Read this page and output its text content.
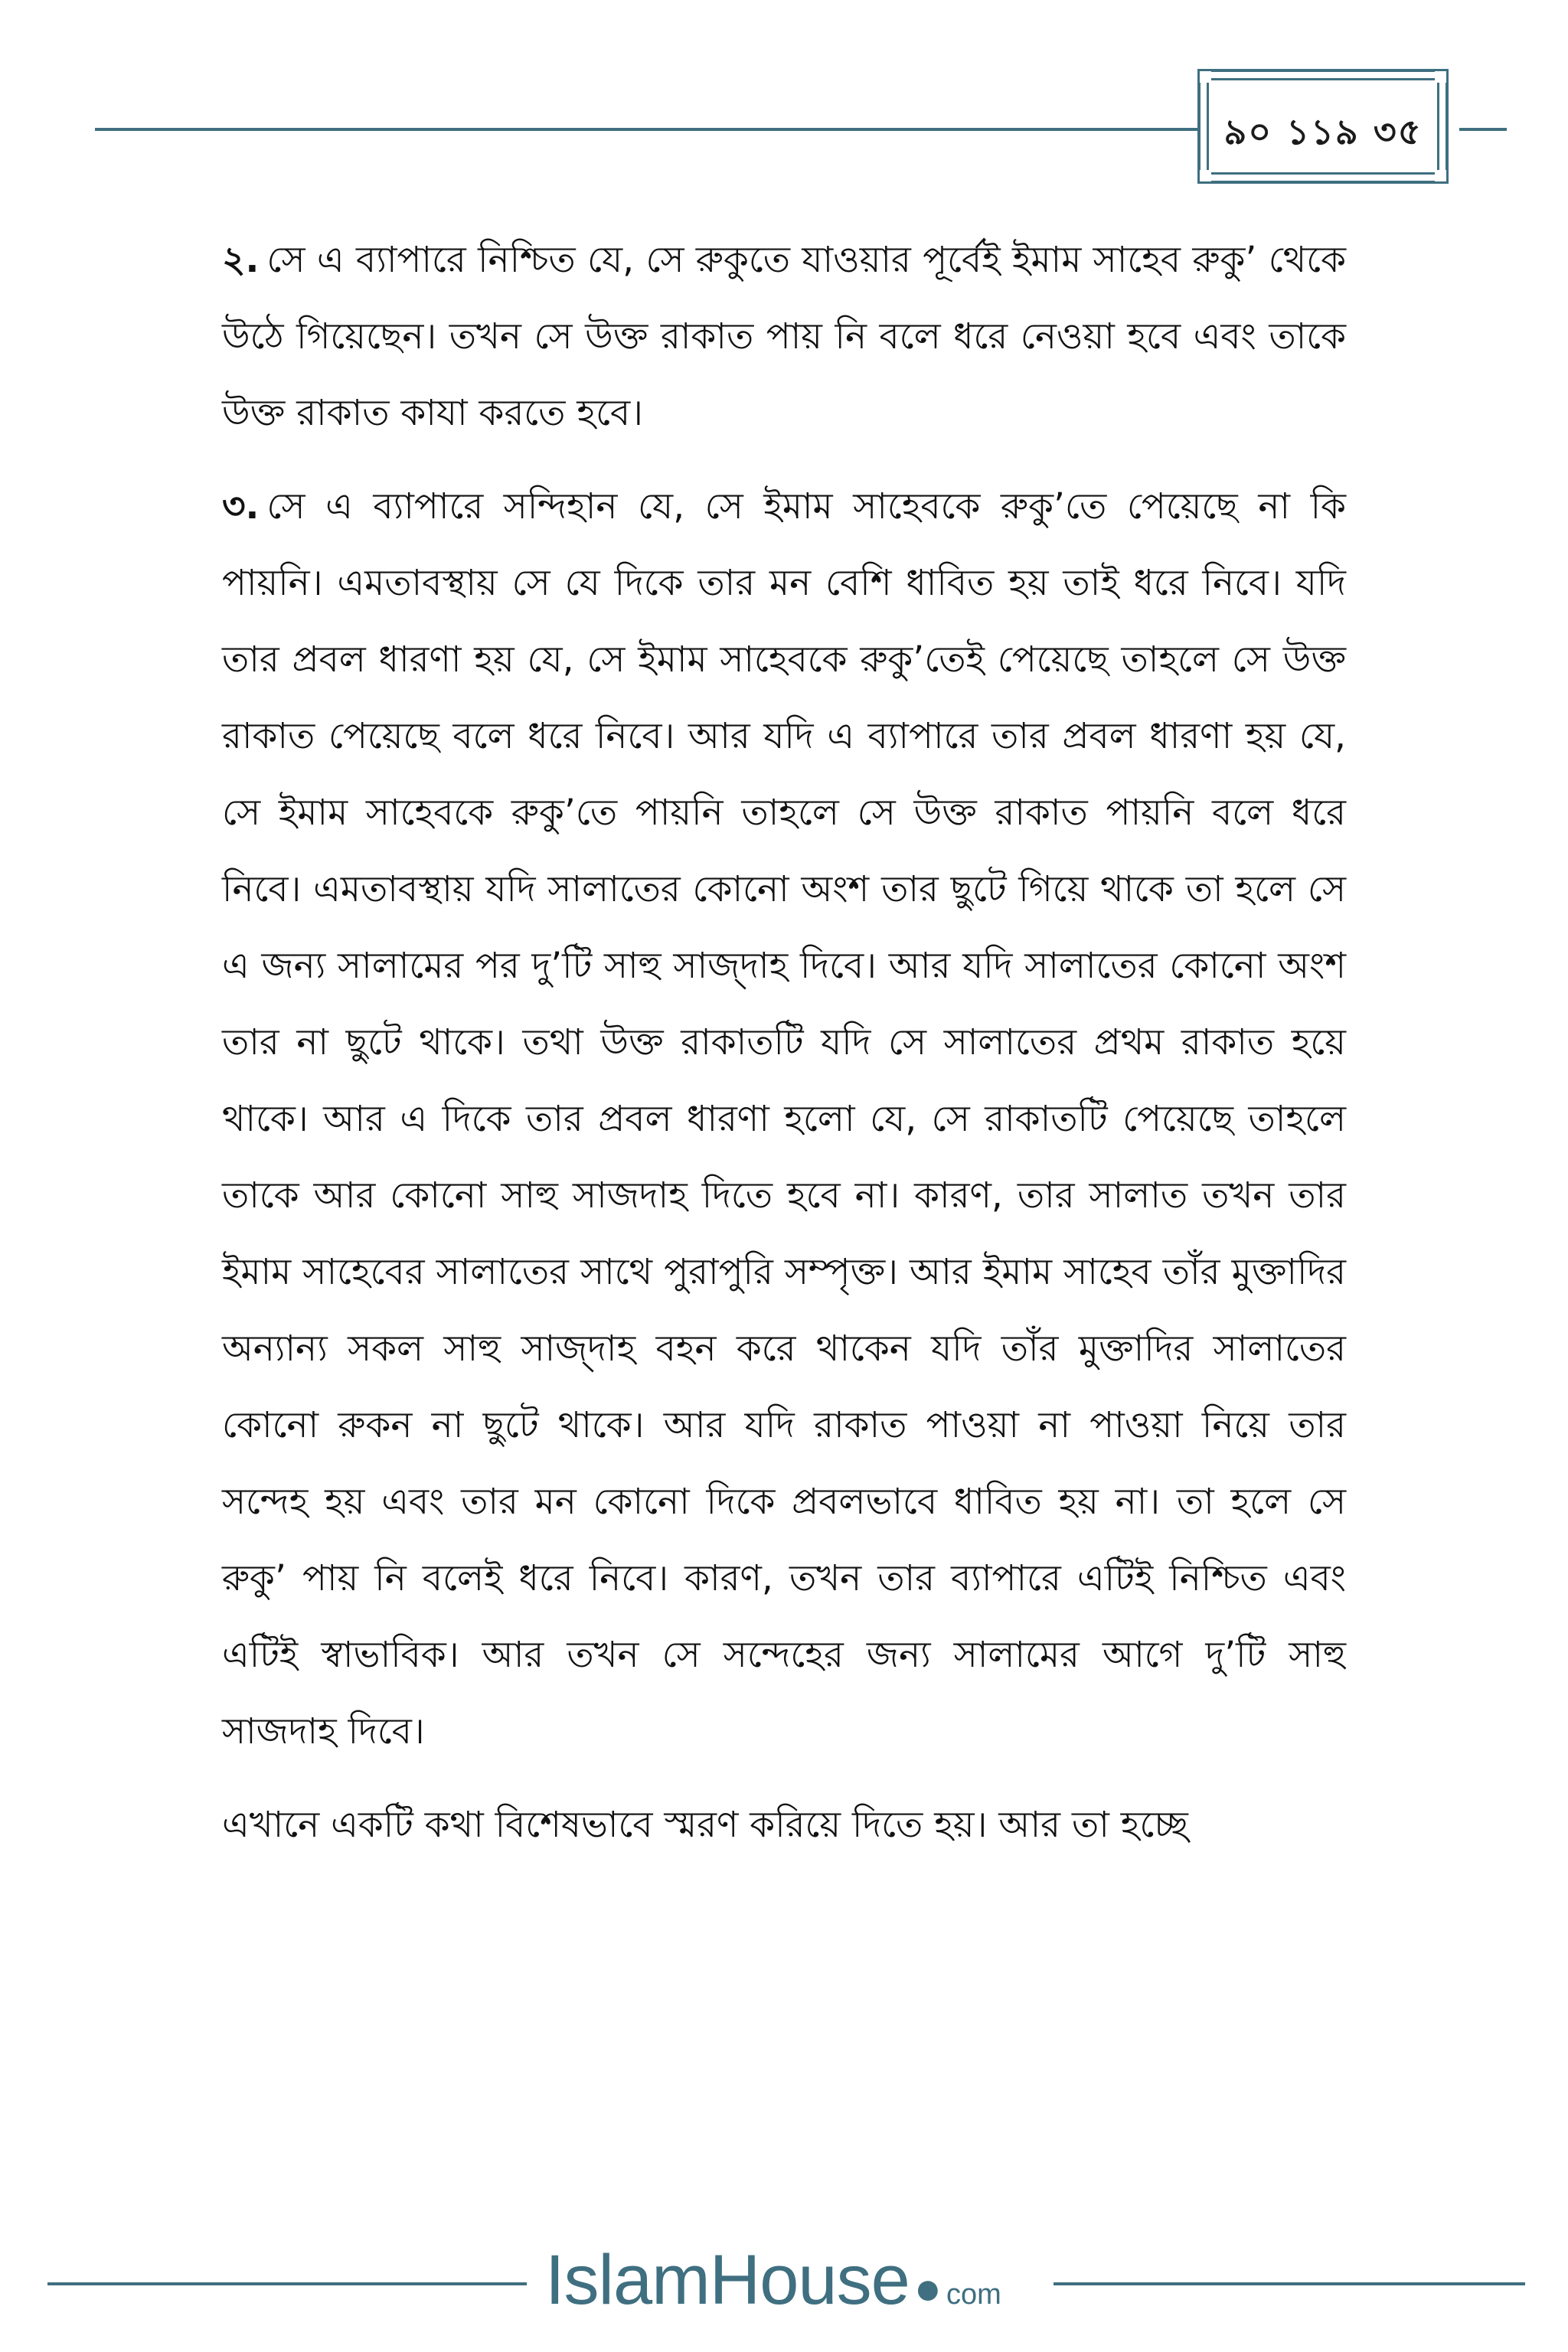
৯০ ১১৯ ৩৫

২. সে এ ব্যাপারে নিশ্চিত যে, সে রুকুতে যাওয়ার পূর্বেই ইমাম সাহেব রুকু’ থেকে উঠে গিয়েছেন। তখন সে উক্ত রাকাত পায় নি বলে ধরে নেওয়া হবে এবং তাকে উক্ত রাকাত কাযা করতে হবে।

৩. সে এ ব্যাপারে সন্দিহান যে, সে ইমাম সাহেবকে রুকু’তে পেয়েছে না কি পায়নি। এমতাবস্থায় সে যে দিকে তার মন বেশি ধাবিত হয় তাই ধরে নিবে। যদি তার প্রবল ধারণা হয় যে, সে ইমাম সাহেবকে রুকু’তেই পেয়েছে তাহলে সে উক্ত রাকাত পেয়েছে বলে ধরে নিবে। আর যদি এ ব্যাপারে তার প্রবল ধারণা হয় যে, সে ইমাম সাহেবকে রুকু’তে পায়নি তাহলে সে উক্ত রাকাত পায়নি বলে ধরে নিবে। এমতাবস্থায় যদি সালাতের কোনো অংশ তার ছুটে গিয়ে থাকে তা হলে সে এ জন্য সালামের পর দু’টি সাহু সাজ্দাহ দিবে। আর যদি সালাতের কোনো অংশ তার না ছুটে থাকে। তথা উক্ত রাকাতটি যদি সে সালাতের প্রথম রাকাত হয়ে থাকে। আর এ দিকে তার প্রবল ধারণা হলো যে, সে রাকাতটি পেয়েছে তাহলে তাকে আর কোনো সাহু সাজদাহ দিতে হবে না। কারণ, তার সালাত তখন তার ইমাম সাহেবের সালাতের সাথে পুরাপুরি সম্পৃক্ত। আর ইমাম সাহেব তাঁর মুক্তাদির অন্যান্য সকল সাহু সাজ্দাহ বহন করে থাকেন যদি তাঁর মুক্তাদির সালাতের কোনো রুকন না ছুটে থাকে। আর যদি রাকাত পাওয়া না পাওয়া নিয়ে তার সন্দেহ হয় এবং তার মন কোনো দিকে প্রবলভাবে ধাবিত হয় না। তা হলে সে রুকু’ পায় নি বলেই ধরে নিবে। কারণ, তখন তার ব্যাপারে এটিই নিশ্চিত এবং এটিই স্বাভাবিক। আর তখন সে সন্দেহের জন্য সালামের আগে দু’টি সাহু সাজদাহ দিবে।

এখানে একটি কথা বিশেষভাবে স্মরণ করিয়ে দিতে হয়। আর তা হচ্ছে

IslamHouse ● com
